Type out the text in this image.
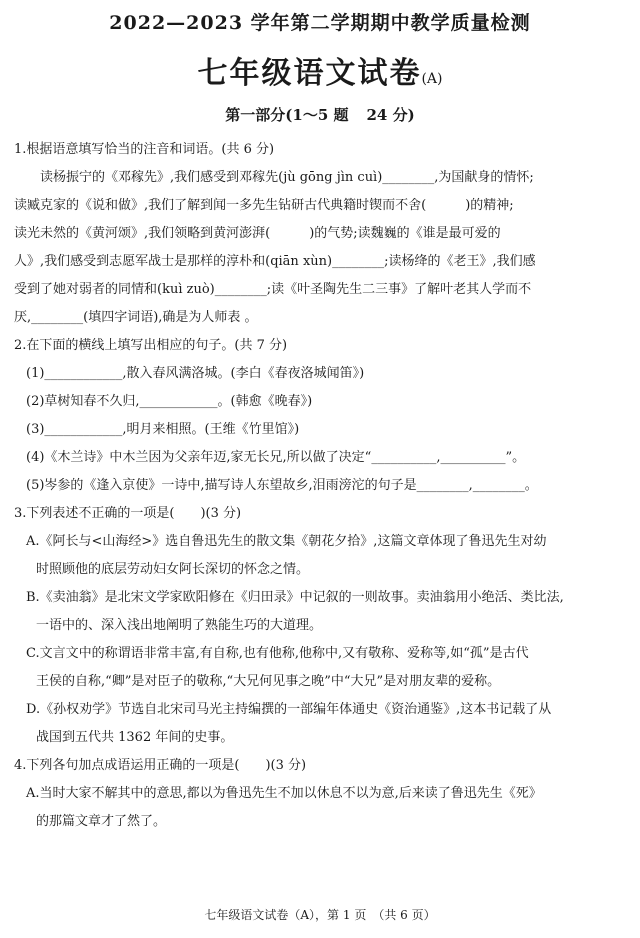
2022—2023 学年第二学期期中教学质量检测
七年级语文试卷(A)
第一部分(1～5 题 24 分)
1.根据语意填写恰当的注音和词语。(共 6 分)
读杨振宁的《邓稼先》,我们感受到邓稼先(jù gōng jìn cuì)________,为国献身的情怀;
读臧克家的《说和做》,我们了解到闻一多先生钻研古代典籍时锲而不舍(　　　)的精神;
读光未然的《黄河颂》,我们领略到黄河澎湃(　　　)的气势;读魏巍的《谁是最可爱的
人》,我们感受到志愿军战士是那样的淳朴和(qiān xùn)________;读杨绛的《老王》,我们感
受到了她对弱者的同情和(kuì zuò)________;读《叶圣陶先生二三事》了解叶老其人学而不
厌,________(填四字词语),确是为人师表 。
2.在下面的横线上填写出相应的句子。(共 7 分)
(1)____________,散入春风满洛城。(李白《春夜洛城闻笛》)
(2)草树知春不久归,____________。(韩愈《晚春》)
(3)____________,明月来相照。(王维《竹里馆》)
(4)《木兰诗》中木兰因为父亲年迈,家无长兄,所以做了决定“__________,__________”。
(5)岑参的《逢入京使》一诗中,描写诗人东望故乡,泪雨滂沱的句子是________,________。
3.下列表述不正确的一项是(　　)(3 分)
A.《阿长与<山海经>》选自鲁迅先生的散文集《朝花夕拾》,这篇文章体现了鲁迅先生对幼
时照顾他的底层劳动妇女阿长深切的怀念之情。
B.《卖油翁》是北宋文学家欧阳修在《归田录》中记叙的一则故事。卖油翁用小绝活、类比法,
一语中的、深入浅出地阐明了熟能生巧的大道理。
C.文言文中的称谓语非常丰富,有自称,也有他称,他称中,又有敬称、爱称等,如“孤”是古代
王侯的自称,“卿”是对臣子的敬称,“大兄何见事之晚”中“大兄”是对朋友辈的爱称。
D.《孙权劝学》节选自北宋司马光主持编撰的一部编年体通史《资治通鉴》,这本书记载了从
战国到五代共 1362 年间的史事。
4.下列各句加点成语运用正确的一项是(　　)(3 分)
A.当时大家不解其中的意思,都以为鲁迅先生不加以休息不以为意,后来读了鲁迅先生《死》
的那篇文章才了然了。
七年级语文试卷（A），第 1 页　（共 6 页）
